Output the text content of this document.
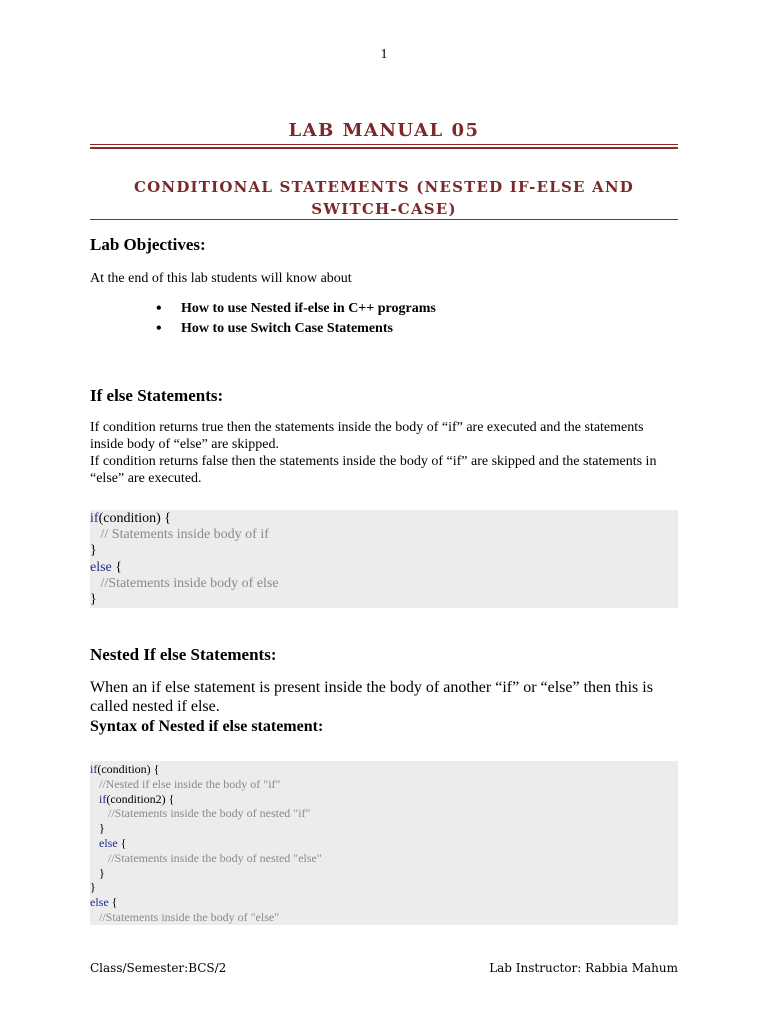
1
LAB MANUAL 05
CONDITIONAL STATEMENTS (NESTED IF-ELSE AND SWITCH-CASE)
Lab Objectives:
At the end of this lab students will know about
• How to use Nested if-else in C++ programs
• How to use Switch Case Statements
If else Statements:
If condition returns true then the statements inside the body of “if” are executed and the statements inside body of “else” are skipped.
If condition returns false then the statements inside the body of “if” are skipped and the statements in “else” are executed.
if(condition) {
// Statements inside body of if
}
else {
//Statements inside body of else
}
Nested If else Statements:
When an if else statement is present inside the body of another “if” or “else” then this is called nested if else.
Syntax of Nested if else statement:
if(condition) {
//Nested if else inside the body of "if"
if(condition2) {
//Statements inside the body of nested "if"
}
else {
//Statements inside the body of nested "else"
}
}
else {
//Statements inside the body of "else"
Class/Semester:BCS/2	Lab Instructor: Rabbia Mahum
